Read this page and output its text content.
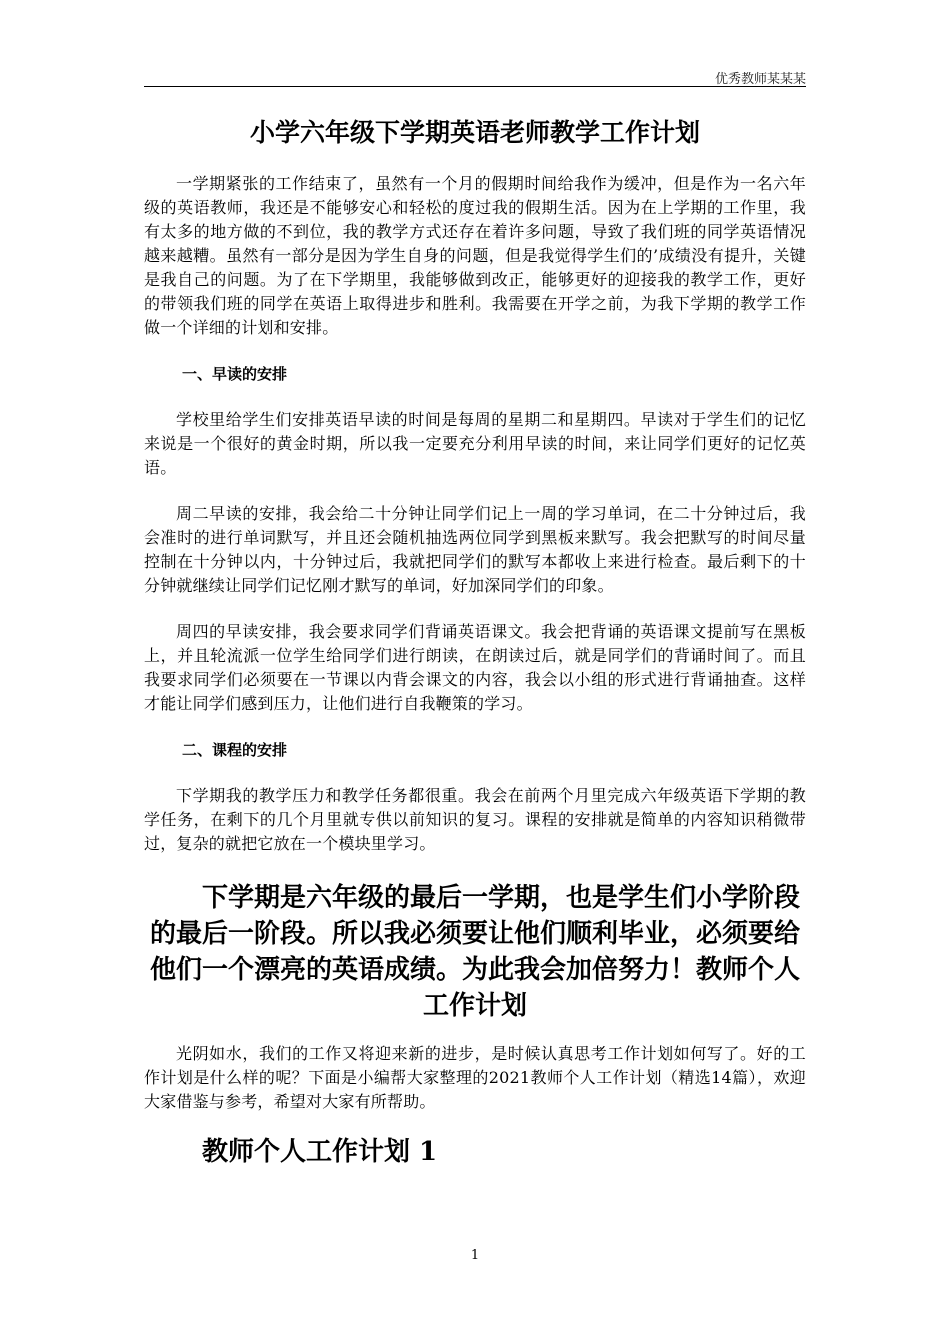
优秀教师某某某
小学六年级下学期英语老师教学工作计划

一学期紧张的工作结束了，虽然有一个月的假期时间给我作为缓冲，但是作为一名六年级的英语教师，我还是不能够安心和轻松的度过我的假期生活。因为在上学期的工作里，我有太多的地方做的不到位，我的教学方式还存在着许多问题，导致了我们班的同学英语情况越来越糟。虽然有一部分是因为学生自身的问题，但是我觉得学生们的’成绩没有提升，关键是我自己的问题。为了在下学期里，我能够做到改正，能够更好的迎接我的教学工作，更好的带领我们班的同学在英语上取得进步和胜利。我需要在开学之前，为我下学期的教学工作做一个详细的计划和安排。

一、早读的安排

学校里给学生们安排英语早读的时间是每周的星期二和星期四。早读对于学生们的记忆来说是一个很好的黄金时期，所以我一定要充分利用早读的时间，来让同学们更好的记忆英语。

周二早读的安排，我会给二十分钟让同学们记上一周的学习单词，在二十分钟过后，我会准时的进行单词默写，并且还会随机抽选两位同学到黑板来默写。我会把默写的时间尽量控制在十分钟以内，十分钟过后，我就把同学们的默写本都收上来进行检查。最后剩下的十分钟就继续让同学们记忆刚才默写的单词，好加深同学们的印象。

周四的早读安排，我会要求同学们背诵英语课文。我会把背诵的英语课文提前写在黑板上，并且轮流派一位学生给同学们进行朗读，在朗读过后，就是同学们的背诵时间了。而且我要求同学们必须要在一节课以内背会课文的内容，我会以小组的形式进行背诵抽查。这样才能让同学们感到压力，让他们进行自我鞭策的学习。

二、课程的安排

下学期我的教学压力和教学任务都很重。我会在前两个月里完成六年级英语下学期的教学任务，在剩下的几个月里就专供以前知识的复习。课程的安排就是简单的内容知识稍微带过，复杂的就把它放在一个模块里学习。

下学期是六年级的最后一学期，也是学生们小学阶段的最后一阶段。所以我必须要让他们顺利毕业，必须要给他们一个漂亮的英语成绩。为此我会加倍努力！教师个人工作计划

光阴如水，我们的工作又将迎来新的进步，是时候认真思考工作计划如何写了。好的工作计划是什么样的呢？下面是小编帮大家整理的2021教师个人工作计划（精选14篇），欢迎大家借鉴与参考，希望对大家有所帮助。

教师个人工作计划 1
1
